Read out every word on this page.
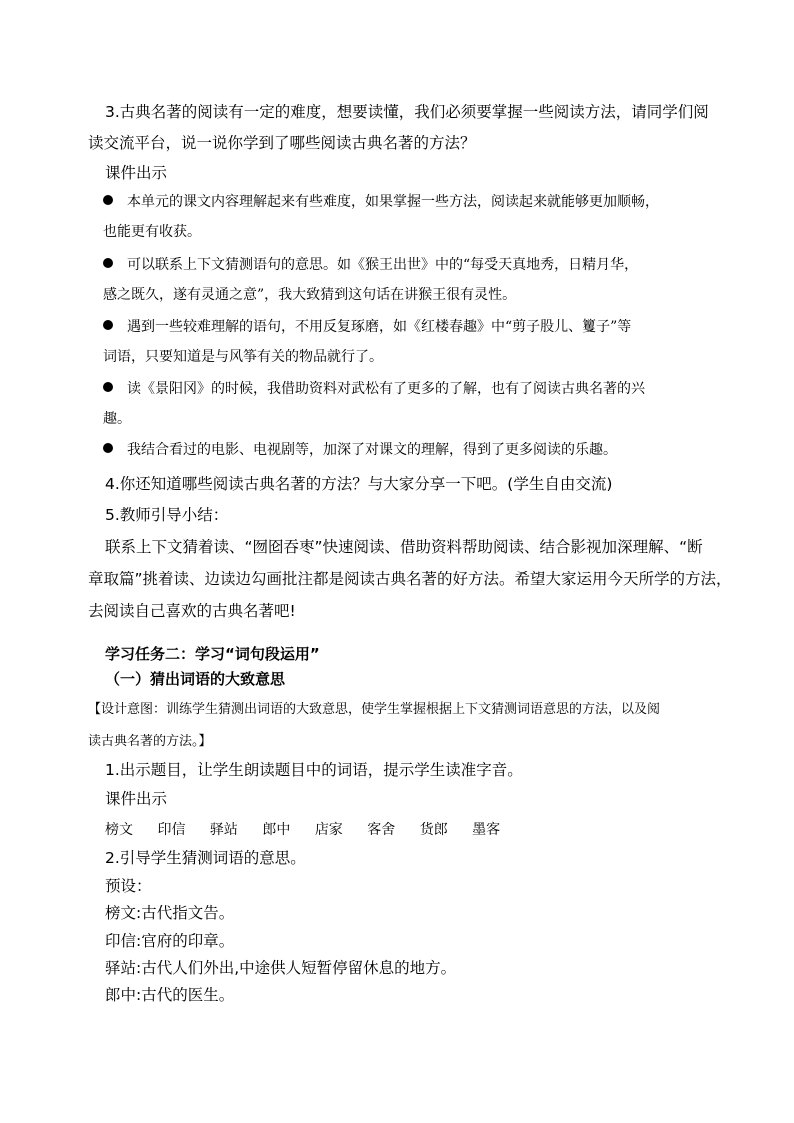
3.古典名著的阅读有一定的难度，想要读懂，我们必须要掌握一些阅读方法，请同学们阅
读交流平台，说一说你学到了哪些阅读古典名著的方法？
课件出示
本单元的课文内容理解起来有些难度，如果掌握一些方法，阅读起来就能够更加顺畅，
也能更有收获。
可以联系上下文猜测语句的意思。如《猴王出世》中的“每受天真地秀，日精月华，
感之既久，遂有灵通之意”，我大致猜到这句话在讲猴王很有灵性。
遇到一些较难理解的语句，不用反复琢磨，如《红楼春趣》中“剪子股儿、籰子”等
词语，只要知道是与风筝有关的物品就行了。
读《景阳冈》的时候，我借助资料对武松有了更多的了解，也有了阅读古典名著的兴
趣。
我结合看过的电影、电视剧等，加深了对课文的理解，得到了更多阅读的乐趣。
4.你还知道哪些阅读古典名著的方法？与大家分享一下吧。(学生自由交流)
5.教师引导小结：
联系上下文猜着读、“囫囵吞枣”快速阅读、借助资料帮助阅读、结合影视加深理解、“断
章取篇”挑着读、边读边勾画批注都是阅读古典名著的好方法。希望大家运用今天所学的方法，
去阅读自己喜欢的古典名著吧!
学习任务二：学习“词句段运用”
（一）猜出词语的大致意思
【设计意图：训练学生猜测出词语的大致意思，使学生掌握根据上下文猜测词语意思的方法，以及阅
读古典名著的方法。】
1.出示题目，让学生朗读题目中的词语，提示学生读准字音。
课件出示
榜文 印信 驿站 郎中 店家 客舍 货郎 墨客
2.引导学生猜测词语的意思。
预设：
榜文:古代指文告。
印信:官府的印章。
驿站:古代人们外出,中途供人短暂停留休息的地方。
郎中:古代的医生。
